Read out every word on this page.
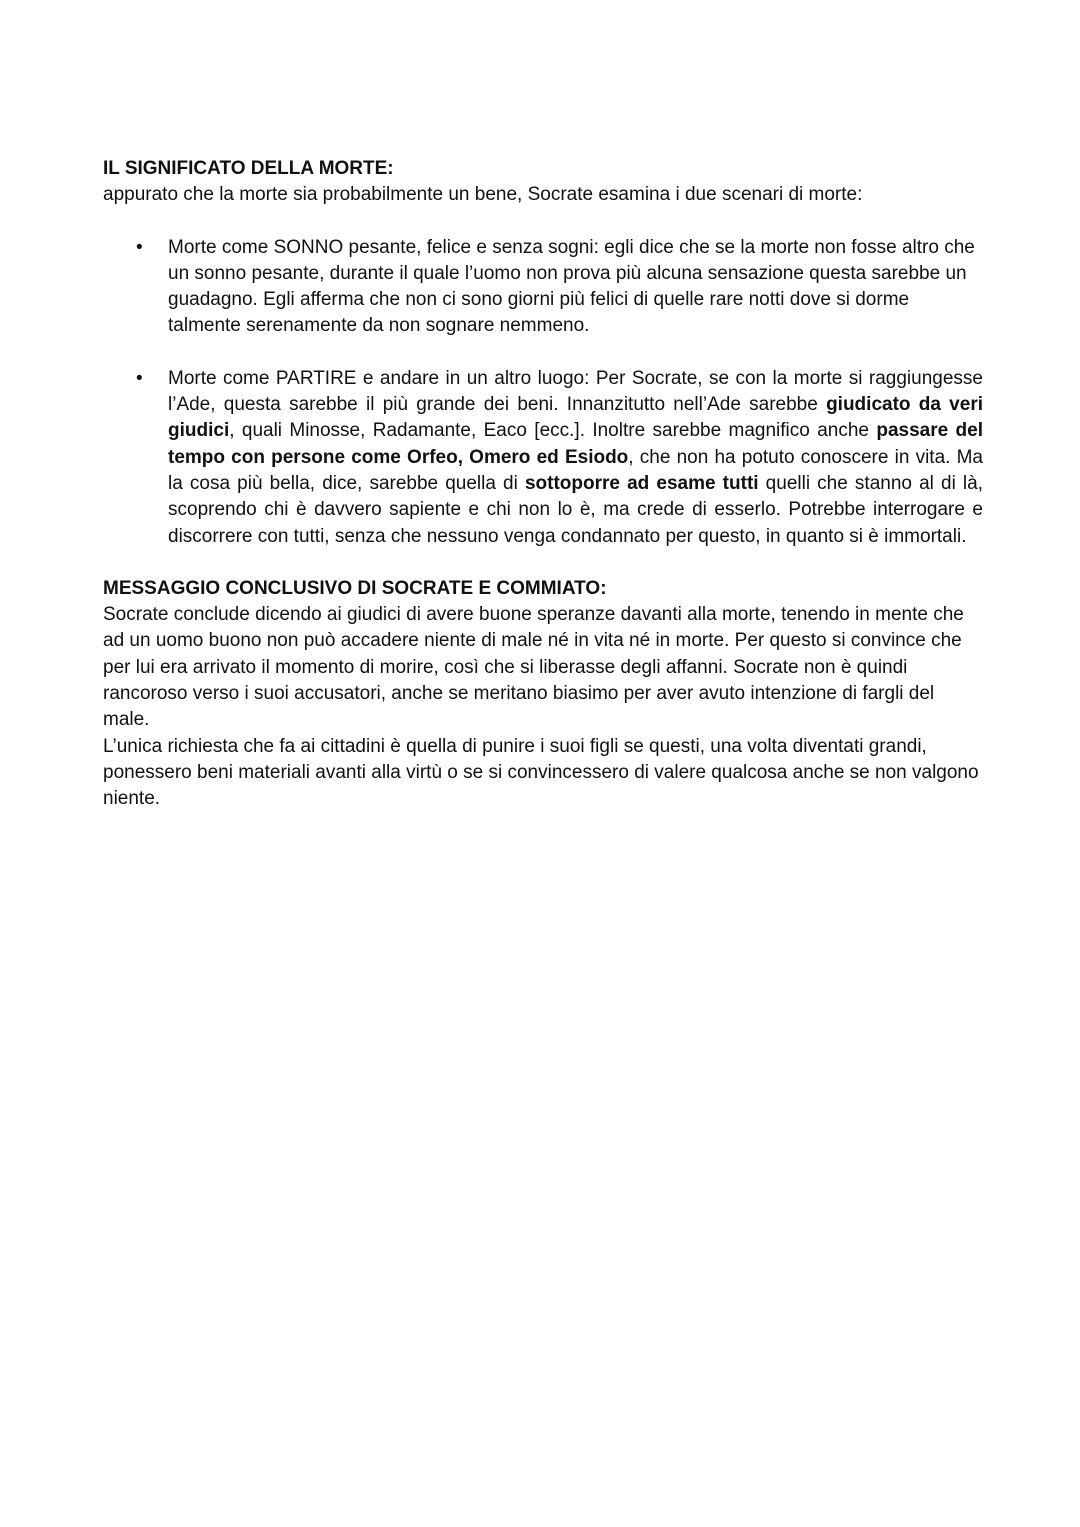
IL SIGNIFICATO DELLA MORTE:

appurato che la morte sia probabilmente un bene, Socrate esamina i due scenari di morte:

• Morte come SONNO pesante, felice e senza sogni: egli dice che se la morte non fosse altro che un sonno pesante, durante il quale l’uomo non prova più alcuna sensazione questa sarebbe un guadagno. Egli afferma che non ci sono giorni più felici di quelle rare notti dove si dorme talmente serenamente da non sognare nemmeno.
• Morte come PARTIRE e andare in un altro luogo: Per Socrate, se con la morte si raggiungesse l’Ade, questa sarebbe il più grande dei beni. Innanzitutto nell’Ade sarebbe giudicato da veri giudici, quali Minosse, Radamante, Eaco [ecc.]. Inoltre sarebbe magnifico anche passare del tempo con persone come Orfeo, Omero ed Esiodo, che non ha potuto conoscere in vita. Ma la cosa più bella, dice, sarebbe quella di sottoporre ad esame tutti quelli che stanno al di là, scoprendo chi è davvero sapiente e chi non lo è, ma crede di esserlo. Potrebbe interrogare e discorrere con tutti, senza che nessuno venga condannato per questo, in quanto si è immortali.

MESSAGGIO CONCLUSIVO DI SOCRATE E COMMIATO:

Socrate conclude dicendo ai giudici di avere buone speranze davanti alla morte, tenendo in mente che ad un uomo buono non può accadere niente di male né in vita né in morte. Per questo si convince che per lui era arrivato il momento di morire, così che si liberasse degli affanni. Socrate non è quindi rancoroso verso i suoi accusatori, anche se meritano biasimo per aver avuto intenzione di fargli del male.

L’unica richiesta che fa ai cittadini è quella di punire i suoi figli se questi, una volta diventati grandi, ponessero beni materiali avanti alla virtù o se si convincessero di valere qualcosa anche se non valgono niente.
